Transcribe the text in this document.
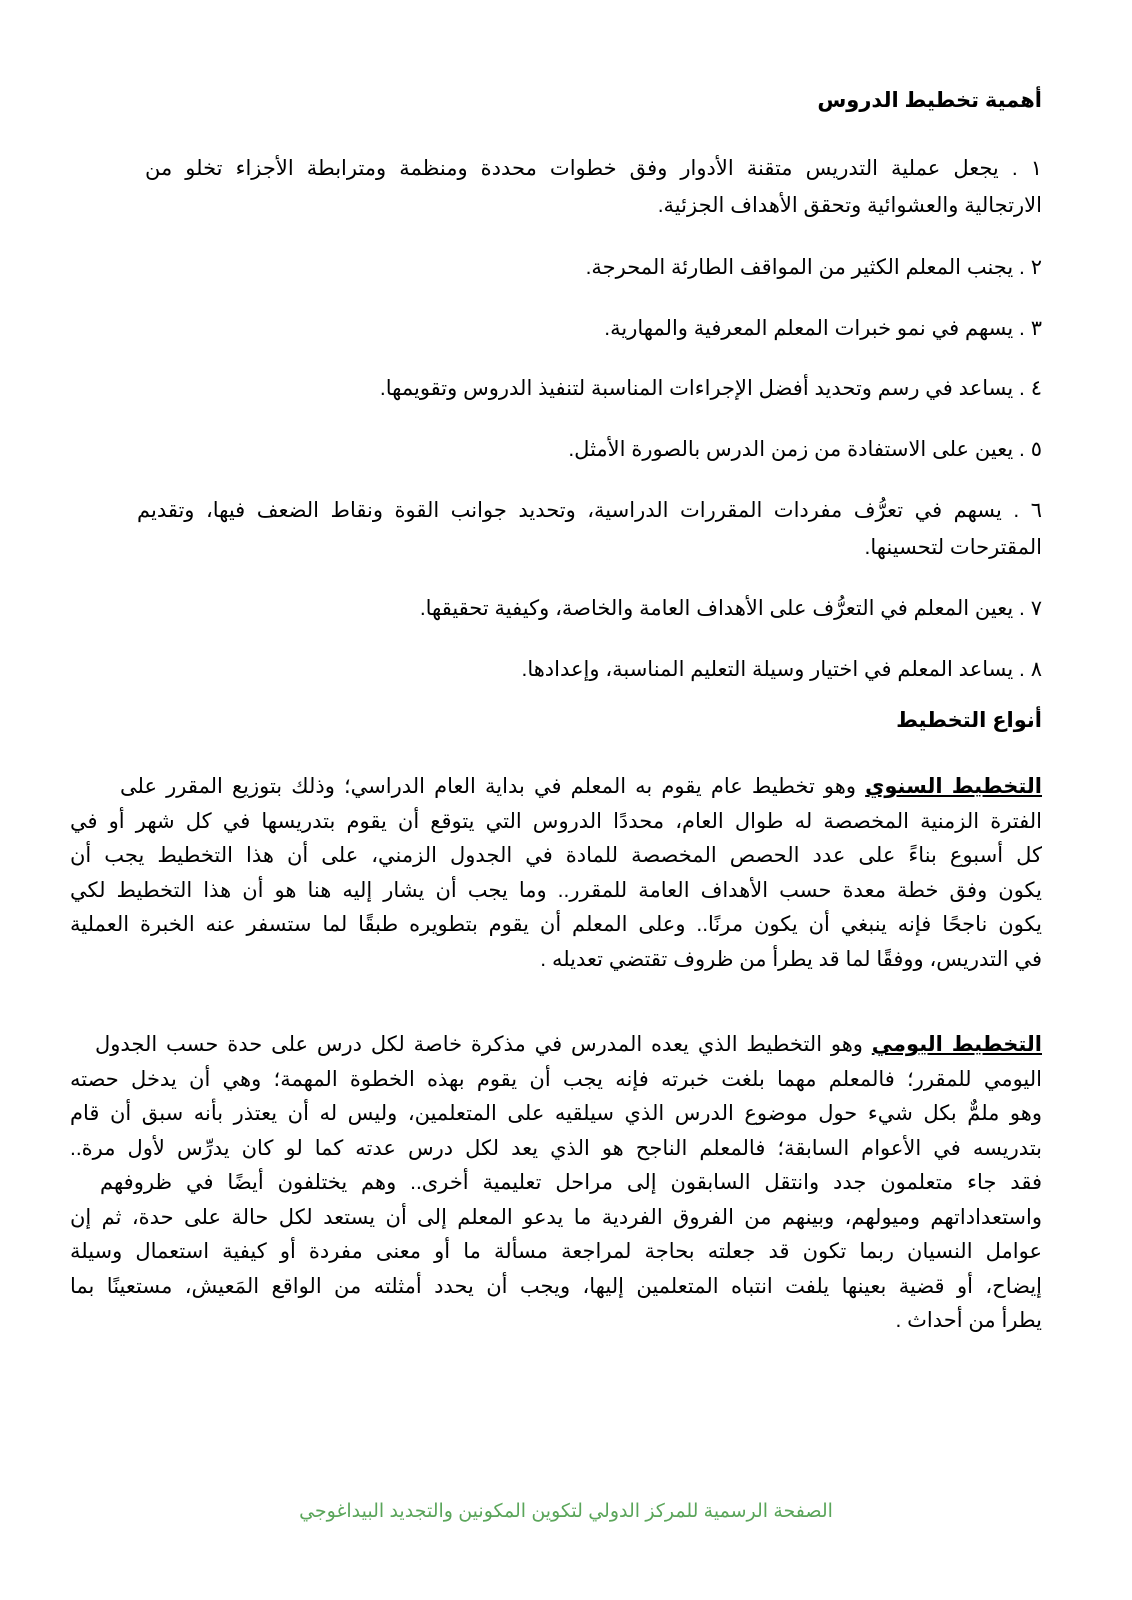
أهمية تخطيط الدروس
١ . يجعل عملية التدريس متقنة الأدوار وفق خطوات محددة ومنظمة ومترابطة الأجزاء تخلو من
الارتجالية والعشوائية وتحقق الأهداف الجزئية.
٢ . يجنب المعلم الكثير من المواقف الطارئة المحرجة.
٣ . يسهم في نمو خبرات المعلم المعرفية والمهارية.
٤ . يساعد في رسم وتحديد أفضل الإجراءات المناسبة لتنفيذ الدروس وتقويمها.
٥ . يعين على الاستفادة من زمن الدرس بالصورة الأمثل.
٦ . يسهم في تعرُّف مفردات المقررات الدراسية، وتحديد جوانب القوة ونقاط الضعف فيها، وتقديم
المقترحات لتحسينها.
٧ . يعين المعلم في التعرُّف على الأهداف العامة والخاصة، وكيفية تحقيقها.
٨ . يساعد المعلم في اختيار وسيلة التعليم المناسبة، وإعدادها.
أنواع التخطيط
التخطيط السنوي وهو تخطيط عام يقوم به المعلم في بداية العام الدراسي؛ وذلك بتوزيع المقرر على
الفترة الزمنية المخصصة له طوال العام، محددًا الدروس التي يتوقع أن يقوم بتدريسها في كل شهر أو في
كل أسبوع بناءً على عدد الحصص المخصصة للمادة في الجدول الزمني، على أن هذا التخطيط يجب أن
يكون وفق خطة معدة حسب الأهداف العامة للمقرر.. وما يجب أن يشار إليه هنا هو أن هذا التخطيط لكي
يكون ناجحًا فإنه ينبغي أن يكون مرنًا.. وعلى المعلم أن يقوم بتطويره طبقًا لما ستسفر عنه الخبرة العملية
في التدريس، ووفقًا لما قد يطرأ من ظروف تقتضي تعديله .
التخطيط اليومي وهو التخطيط الذي يعده المدرس في مذكرة خاصة لكل درس على حدة حسب الجدول
اليومي للمقرر؛ فالمعلم مهما بلغت خبرته فإنه يجب أن يقوم بهذه الخطوة المهمة؛ وهي أن يدخل حصته
وهو ملمٌّ بكل شيء حول موضوع الدرس الذي سيلقيه على المتعلمين، وليس له أن يعتذر بأنه سبق أن قام
بتدريسه في الأعوام السابقة؛ فالمعلم الناجح هو الذي يعد لكل درس عدته كما لو كان يدرِّس لأول مرة..
فقد جاء متعلمون جدد وانتقل السابقون إلى مراحل تعليمية أخرى.. وهم يختلفون أيضًا في ظروفهم
واستعداداتهم وميولهم، وبينهم من الفروق الفردية ما يدعو المعلم إلى أن يستعد لكل حالة على حدة، ثم إن
عوامل النسيان ربما تكون قد جعلته بحاجة لمراجعة مسألة ما أو معنى مفردة أو كيفية استعمال وسيلة
إيضاح، أو قضية بعينها يلفت انتباه المتعلمين إليها، ويجب أن يحدد أمثلته من الواقع المَعيش، مستعينًا بما
يطرأ من أحداث .
الصفحة الرسمية للمركز الدولي لتكوين المكونين والتجديد البيداغوجي
